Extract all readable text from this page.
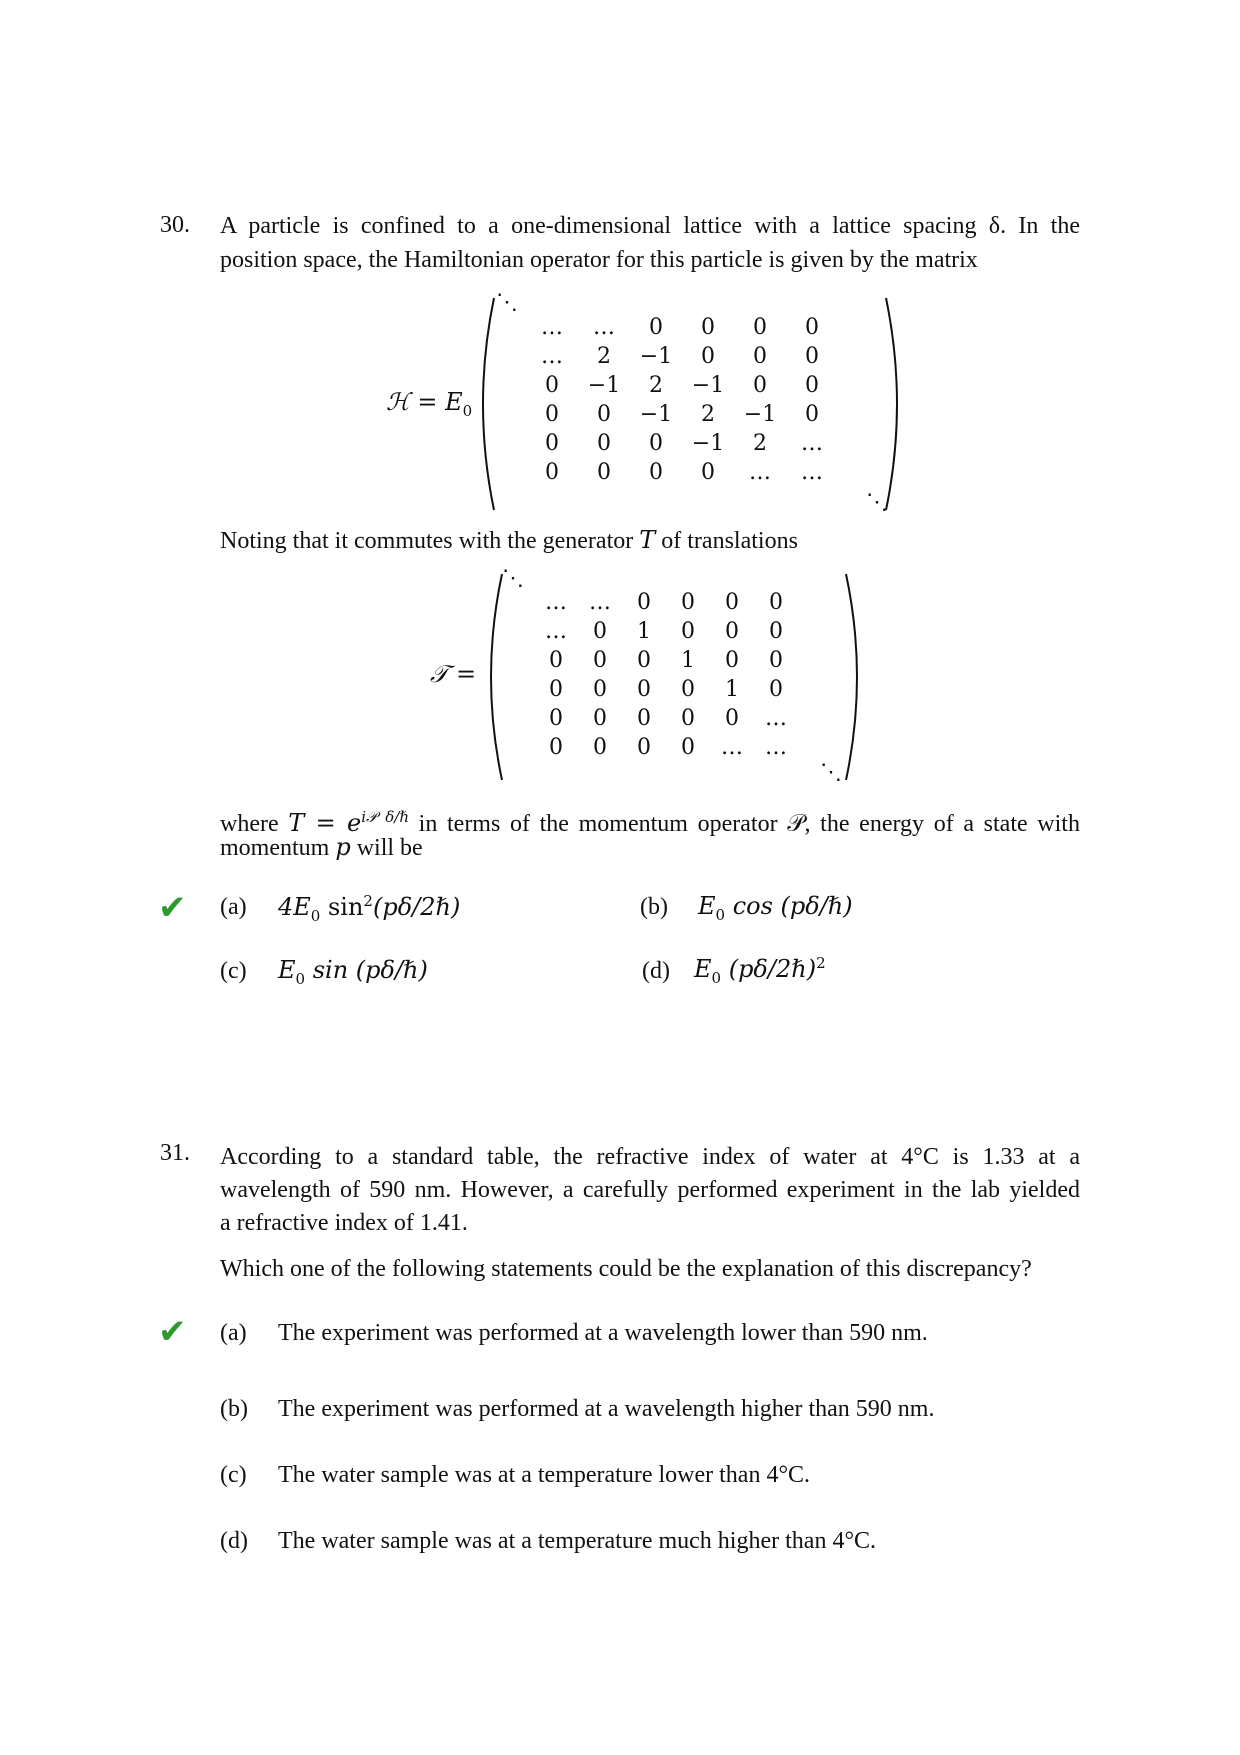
30. A particle is confined to a one-dimensional lattice with a lattice spacing δ. In the
position space, the Hamiltonian operator for this particle is given by the matrix
ℋ = $E_0$
⋱
⋱
…	…	0	0	0	0
…	2	−1	0	0	0
0	−1	2	−1	0	0
0	0	−1	2	−1	0
0	0	0	−1	2	…
0	0	0	0	…	…
Noting that it commutes with the generator T of translations
𝒯 =
⋱
⋱
…	…	0	0	0	0
…	0	1	0	0	0
0	0	0	1	0	0
0	0	0	0	1	0
0	0	0	0	0	…
0	0	0	0	…	…
where $T = e^{i𝒫 \delta/\hbar}$ in terms of the momentum operator 𝒫, the energy of a state with
momentum p will be
✔ (a) $4E_0$ $\sin^2(p\delta/2\hbar)$	(b) $E_0$ cos (pδ/ℏ)
(c) $E_0$ sin (pδ/ℏ)	(d) $E_0$ (pδ/2ℏ)$^2$
31. According to a standard table, the refractive index of water at 4°C is 1.33 at a
wavelength of 590 nm. However, a carefully performed experiment in the lab yielded
a refractive index of 1.41.
Which one of the following statements could be the explanation of this discrepancy?
✔ (a) The experiment was performed at a wavelength lower than 590 nm.
(b) The experiment was performed at a wavelength higher than 590 nm.
(c) The water sample was at a temperature lower than 4°C.
(d) The water sample was at a temperature much higher than 4°C.
